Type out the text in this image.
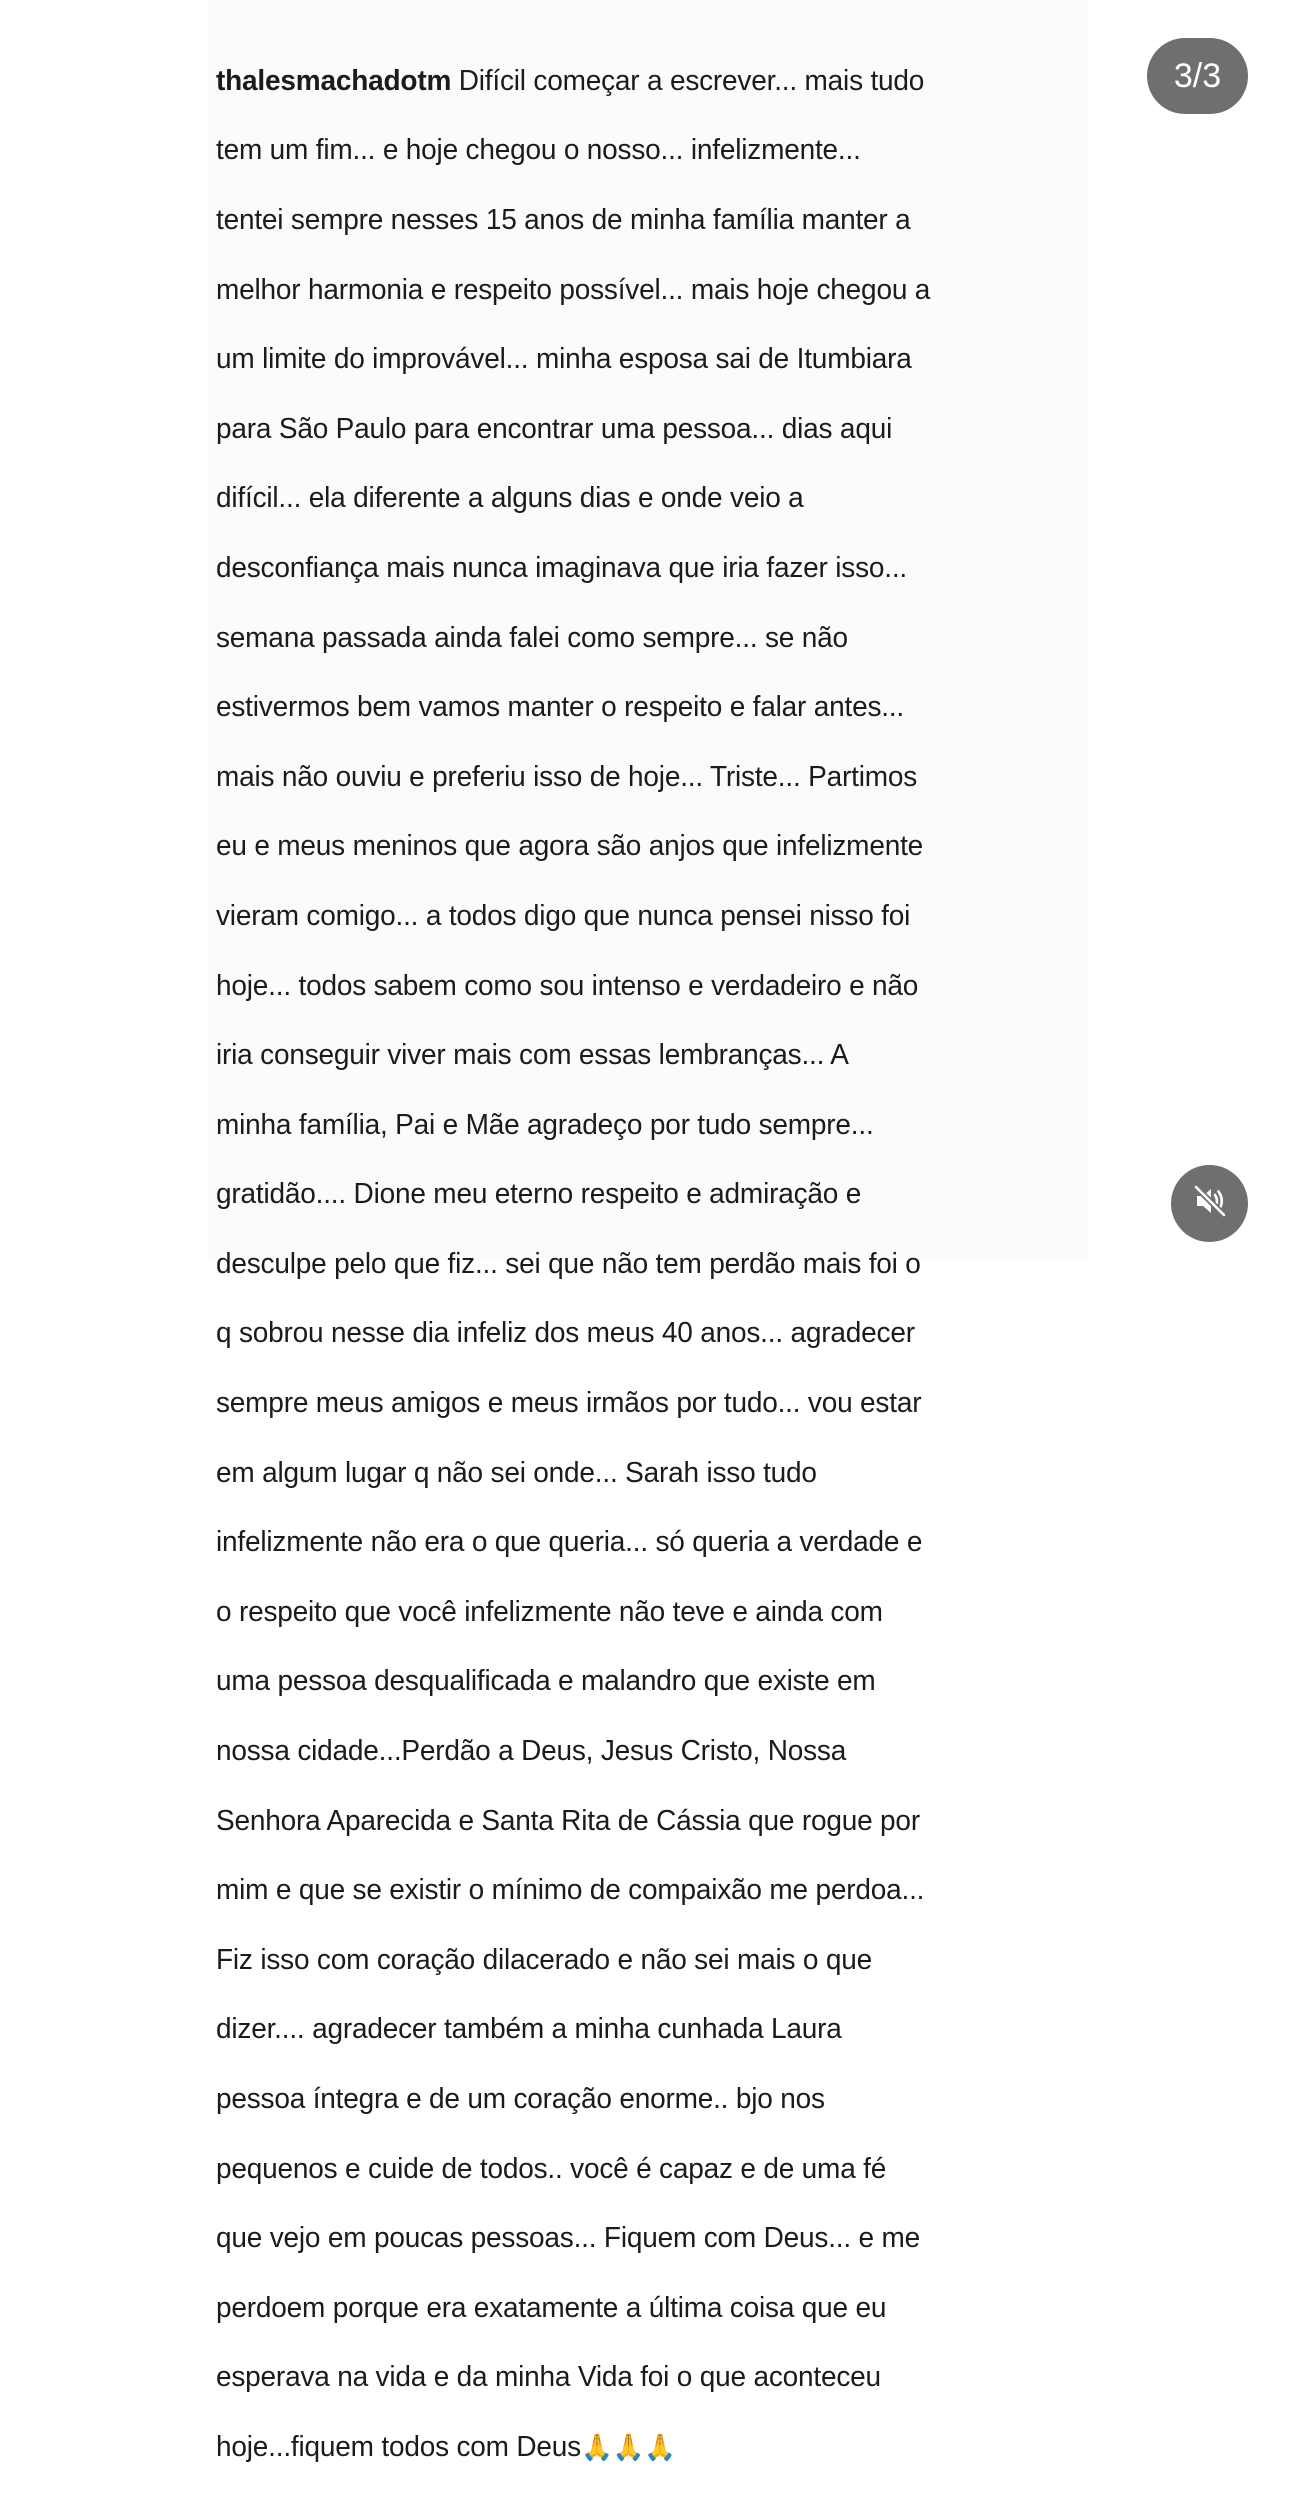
thalesmachadotm Difícil começar a escrever... mais tudo

tem um fim... e hoje chegou o nosso... infelizmente...

tentei sempre nesses 15 anos de minha família manter a

melhor harmonia e respeito possível... mais hoje chegou a

um limite do improvável... minha esposa sai de Itumbiara

para São Paulo para encontrar uma pessoa... dias aqui

difícil... ela diferente a alguns dias e onde veio a

desconfiança mais nunca imaginava que iria fazer isso...

semana passada ainda falei como sempre... se não

estivermos bem vamos manter o respeito e falar antes...

mais não ouviu e preferiu isso de hoje... Triste... Partimos

eu e meus meninos que agora são anjos que infelizmente

vieram comigo... a todos digo que nunca pensei nisso foi

hoje... todos sabem como sou intenso e verdadeiro e não

iria conseguir viver mais com essas lembranças... A

minha família, Pai e Mãe agradeço por tudo sempre...

gratidão.... Dione meu eterno respeito e admiração e

desculpe pelo que fiz... sei que não tem perdão mais foi o

q sobrou nesse dia infeliz dos meus 40 anos... agradecer

sempre meus amigos e meus irmãos por tudo... vou estar

em algum lugar q não sei onde... Sarah isso tudo

infelizmente não era o que queria... só queria a verdade e

o respeito que você infelizmente não teve e ainda com

uma pessoa desqualificada e malandro que existe em

nossa cidade...Perdão a Deus, Jesus Cristo, Nossa

Senhora Aparecida e Santa Rita de Cássia que rogue por

mim e que se existir o mínimo de compaixão me perdoa...

Fiz isso com coração dilacerado e não sei mais o que

dizer.... agradecer também a minha cunhada Laura

pessoa íntegra e de um coração enorme.. bjo nos

pequenos e cuide de todos.. você é capaz e de uma fé

que vejo em poucas pessoas... Fiquem com Deus... e me

perdoem porque era exatamente a última coisa que eu

esperava na vida e da minha Vida foi o que aconteceu

hoje...fiquem todos com Deus🙏🙏🙏

3/3
